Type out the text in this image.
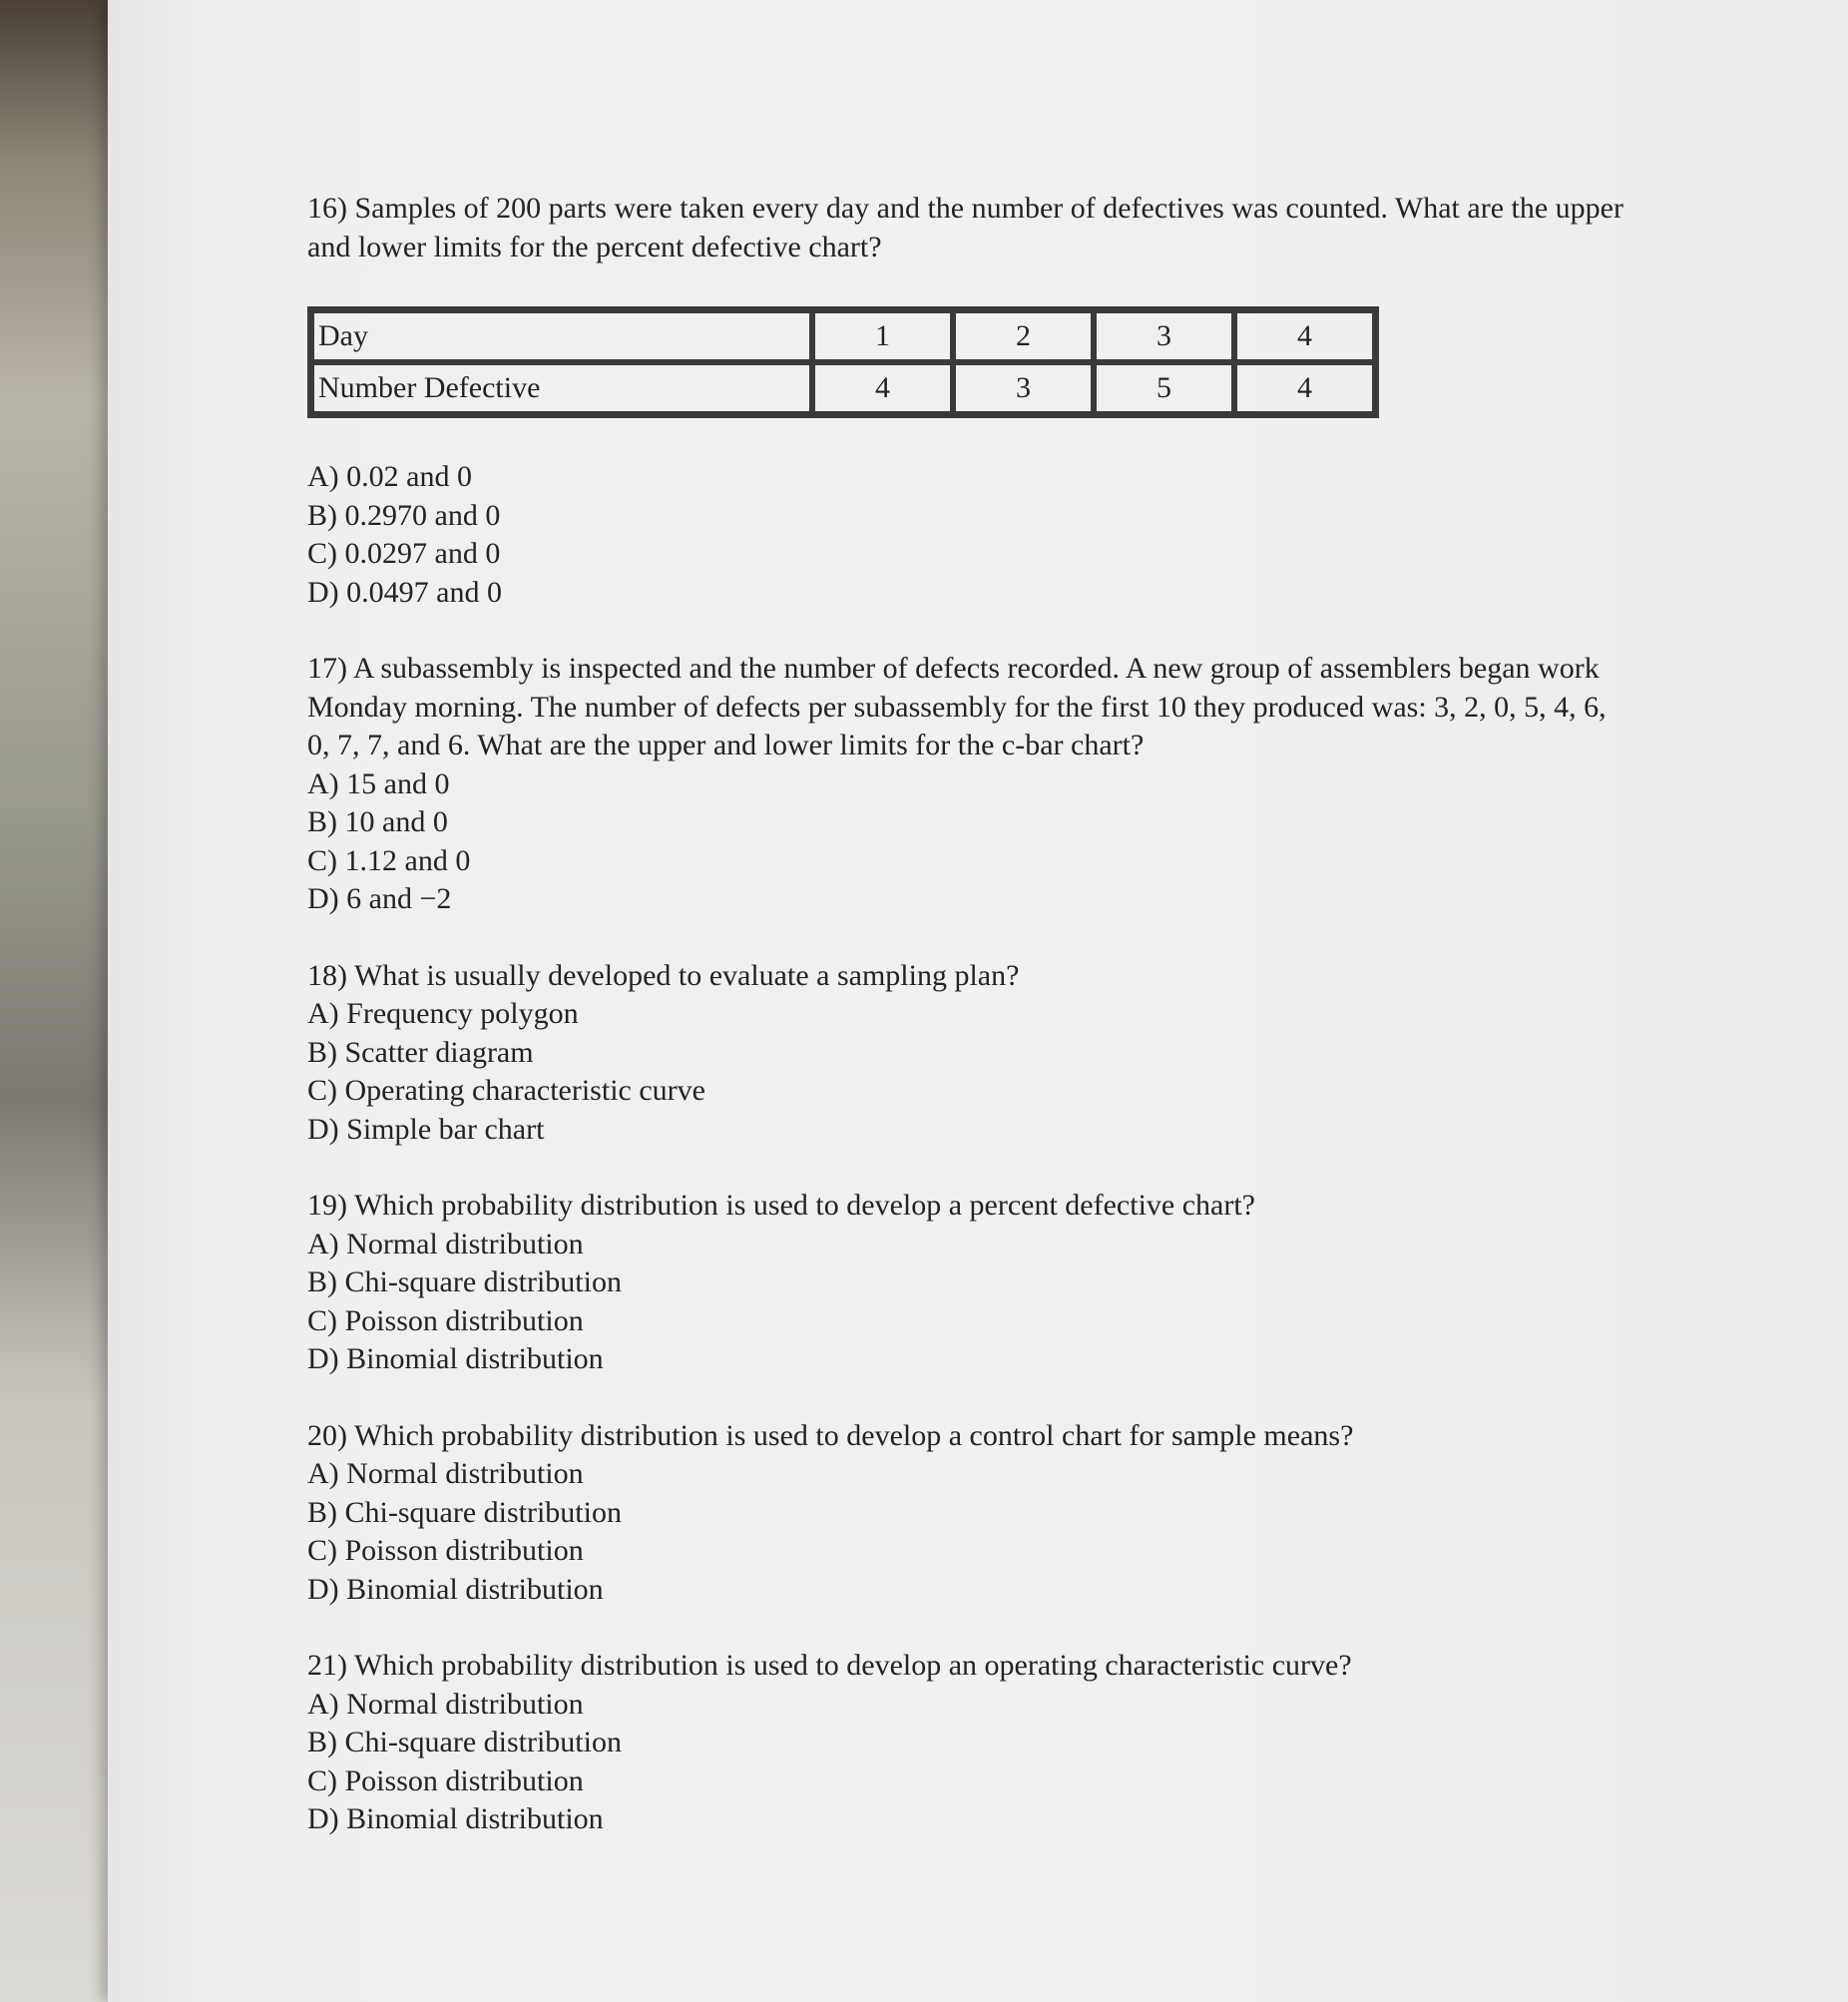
16) Samples of 200 parts were taken every day and the number of defectives was counted. What are the upper and lower limits for the percent defective chart?

Day	1	2	3	4
Number Defective	4	3	5	4
A) 0.02 and 0
B) 0.2970 and 0
C) 0.0297 and 0
D) 0.0497 and 0

17) A subassembly is inspected and the number of defects recorded. A new group of assemblers began work Monday morning. The number of defects per subassembly for the first 10 they produced was: 3, 2, 0, 5, 4, 6, 0, 7, 7, and 6. What are the upper and lower limits for the c-bar chart?

A) 15 and 0
B) 10 and 0
C) 1.12 and 0
D) 6 and −2

18) What is usually developed to evaluate a sampling plan?

A) Frequency polygon
B) Scatter diagram
C) Operating characteristic curve
D) Simple bar chart

19) Which probability distribution is used to develop a percent defective chart?

A) Normal distribution
B) Chi-square distribution
C) Poisson distribution
D) Binomial distribution

20) Which probability distribution is used to develop a control chart for sample means?

A) Normal distribution
B) Chi-square distribution
C) Poisson distribution
D) Binomial distribution

21) Which probability distribution is used to develop an operating characteristic curve?

A) Normal distribution
B) Chi-square distribution
C) Poisson distribution
D) Binomial distribution
